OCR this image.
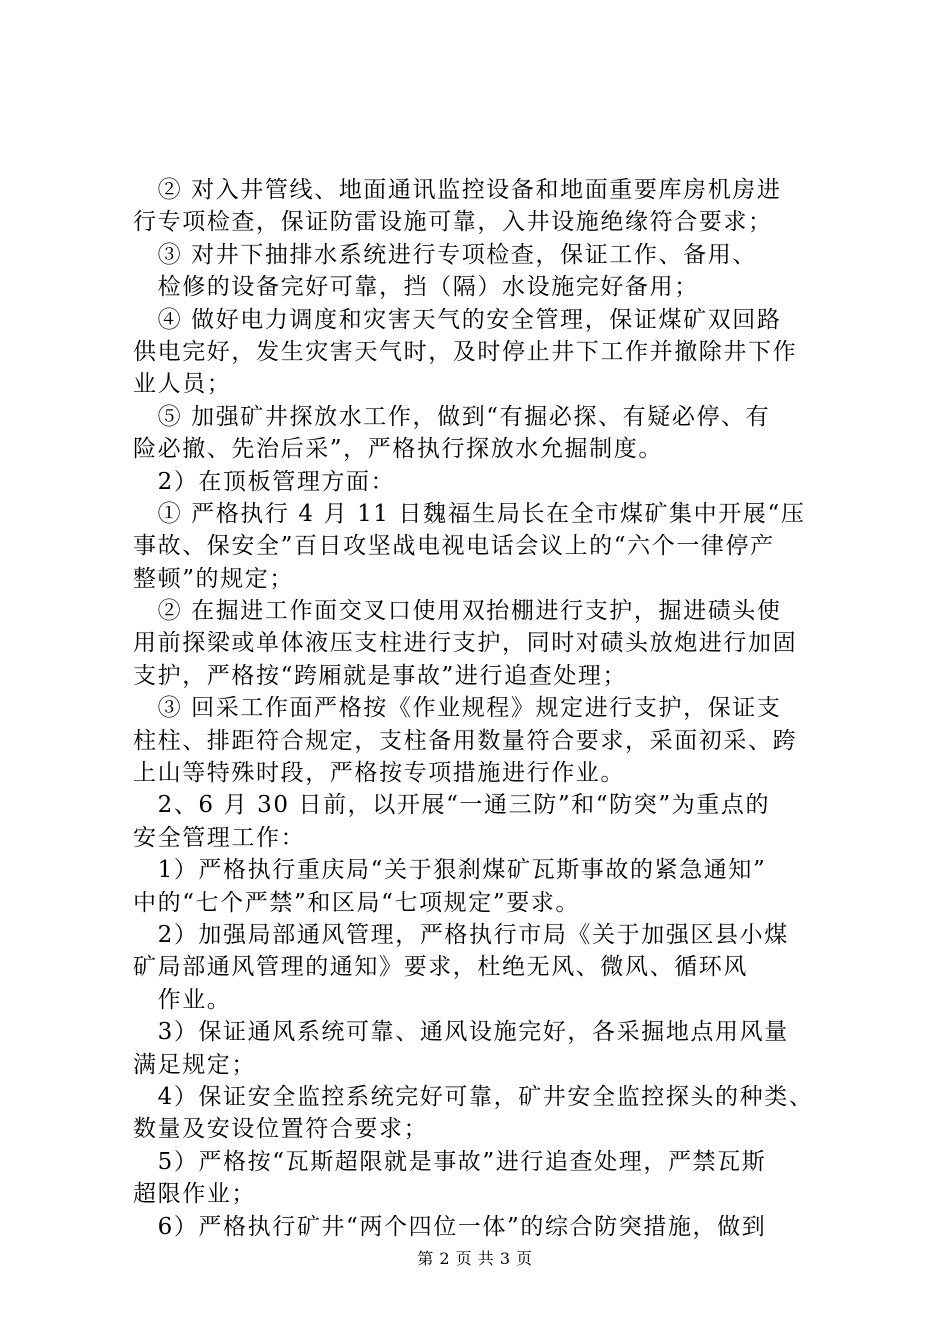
　② 对入井管线、地面通讯监控设备和地面重要库房机房进
行专项检查，保证防雷设施可靠，入井设施绝缘符合要求；
　③ 对井下抽排水系统进行专项检查，保证工作、备用、
　检修的设备完好可靠，挡（隔）水设施完好备用；
　④ 做好电力调度和灾害天气的安全管理，保证煤矿双回路
供电完好，发生灾害天气时，及时停止井下工作并撤除井下作
业人员；
　⑤ 加强矿井探放水工作，做到“有掘必探、有疑必停、有
险必撤、先治后采”，严格执行探放水允掘制度。
　2）在顶板管理方面：
　① 严格执行 4 月 11 日魏福生局长在全市煤矿集中开展“压
事故、保安全”百日攻坚战电视电话会议上的“六个一律停产
整顿”的规定；
　② 在掘进工作面交叉口使用双抬棚进行支护，掘进碛头使
用前探梁或单体液压支柱进行支护，同时对碛头放炮进行加固
支护，严格按“跨厢就是事故”进行追查处理；
　③ 回采工作面严格按《作业规程》规定进行支护，保证支
柱柱、排距符合规定，支柱备用数量符合要求，采面初采、跨
上山等特殊时段，严格按专项措施进行作业。
　2、6 月 30 日前，以开展“一通三防”和“防突”为重点的
安全管理工作：
　1）严格执行重庆局“关于狠刹煤矿瓦斯事故的紧急通知”
中的“七个严禁”和区局“七项规定”要求。
　2）加强局部通风管理，严格执行市局《关于加强区县小煤
矿局部通风管理的通知》要求，杜绝无风、微风、循环风
　作业。
　3）保证通风系统可靠、通风设施完好，各采掘地点用风量
满足规定；
　4）保证安全监控系统完好可靠，矿井安全监控探头的种类、
数量及安设位置符合要求；
　5）严格按“瓦斯超限就是事故”进行追查处理，严禁瓦斯
超限作业；
　6）严格执行矿井“两个四位一体”的综合防突措施，做到
第 2 页 共 3 页
